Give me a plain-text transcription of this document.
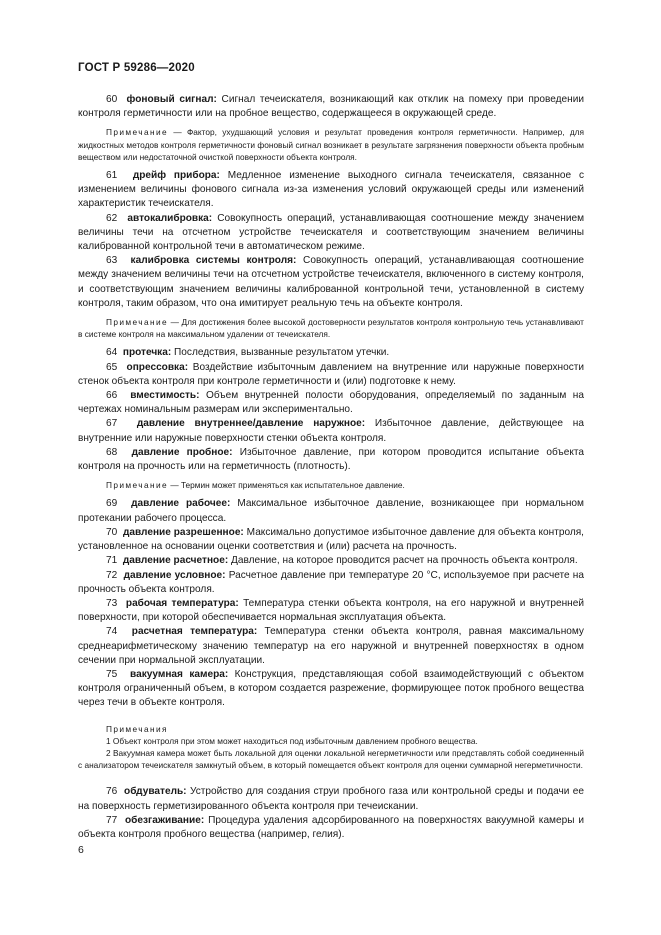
ГОСТ Р 59286—2020

60 фоновый сигнал: Сигнал течеискателя, возникающий как отклик на помеху при проведении контроля герметичности или на пробное вещество, содержащееся в окружающей среде.

Примечание — Фактор, ухудшающий условия и результат проведения контроля герметичности. Например, для жидкостных методов контроля герметичности фоновый сигнал возникает в результате загрязнения поверхности объекта пробным веществом или недостаточной очисткой поверхности объекта контроля.

61 дрейф прибора: Медленное изменение выходного сигнала течеискателя, связанное с изменением величины фонового сигнала из-за изменения условий окружающей среды или изменений характеристик течеискателя.

62 автокалибровка: Совокупность операций, устанавливающая соотношение между значением величины течи на отсчетном устройстве течеискателя и соответствующим значением величины калиброванной контрольной течи в автоматическом режиме.

63 калибровка системы контроля: Совокупность операций, устанавливающая соотношение между значением величины течи на отсчетном устройстве течеискателя, включенного в систему контроля, и соответствующим значением величины калиброванной контрольной течи, установленной в систему контроля, таким образом, что она имитирует реальную течь на объекте контроля.

Примечание — Для достижения более высокой достоверности результатов контроля контрольную течь устанавливают в системе контроля на максимальном удалении от течеискателя.

64 протечка: Последствия, вызванные результатом утечки.

65 опрессовка: Воздействие избыточным давлением на внутренние или наружные поверхности стенок объекта контроля при контроле герметичности и (или) подготовке к нему.

66 вместимость: Объем внутренней полости оборудования, определяемый по заданным на чертежах номинальным размерам или экспериментально.

67 давление внутреннее/давление наружное: Избыточное давление, действующее на внутренние или наружные поверхности стенки объекта контроля.

68 давление пробное: Избыточное давление, при котором проводится испытание объекта контроля на прочность или на герметичность (плотность).

Примечание — Термин может применяться как испытательное давление.

69 давление рабочее: Максимальное избыточное давление, возникающее при нормальном протекании рабочего процесса.

70 давление разрешенное: Максимально допустимое избыточное давление для объекта контроля, установленное на основании оценки соответствия и (или) расчета на прочность.

71 давление расчетное: Давление, на которое проводится расчет на прочность объекта контроля.

72 давление условное: Расчетное давление при температуре 20 °С, используемое при расчете на прочность объекта контроля.

73 рабочая температура: Температура стенки объекта контроля, на его наружной и внутренней поверхности, при которой обеспечивается нормальная эксплуатация объекта.

74 расчетная температура: Температура стенки объекта контроля, равная максимальному среднеарифметическому значению температур на его наружной и внутренней поверхностях в одном сечении при нормальной эксплуатации.

75 вакуумная камера: Конструкция, представляющая собой взаимодействующий с объектом контроля ограниченный объем, в котором создается разрежение, формирующее поток пробного вещества через течи в объекте контроля.

Примечания

1 Объект контроля при этом может находиться под избыточным давлением пробного вещества.

2 Вакуумная камера может быть локальной для оценки локальной негерметичности или представлять собой соединенный с анализатором течеискателя замкнутый объем, в который помещается объект контроля для оценки суммарной негерметичности.

76 обдуватель: Устройство для создания струи пробного газа или контрольной среды и подачи ее на поверхность герметизированного объекта контроля при течеискании.

77 обезгаживание: Процедура удаления адсорбированного на поверхностях вакуумной камеры и объекта контроля пробного вещества (например, гелия).

6
